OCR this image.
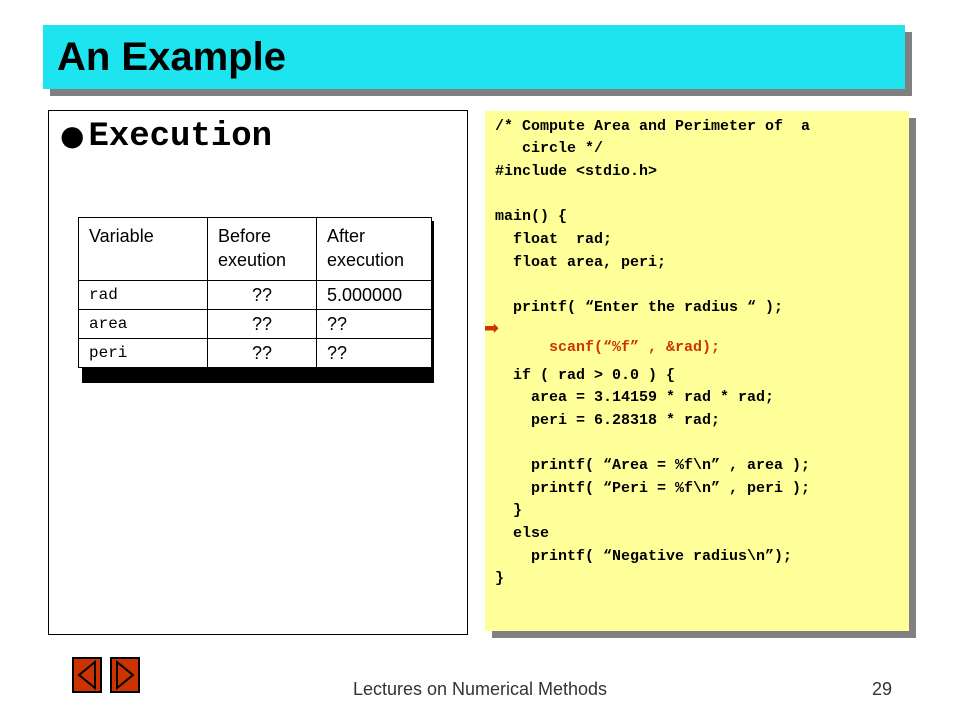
An Example
● Execution
Variable	Before exeution	After execution
rad	??	5.000000
area	??	??
peri	??	??
/* Compute Area and Perimeter of  a
circle */
#include <stdio.h>
main() {
float  rad;
float area, peri;
printf( “Enter the radius “ );

➡
scanf(“%f” , &rad);

if ( rad > 0.0 ) {
area = 3.14159 * rad * rad;
peri = 6.28318 * rad;
printf( “Area = %f\n” , area );
printf( “Peri = %f\n” , peri );
}
else
printf( “Negative radius\n”);
}
Lectures on Numerical Methods	29
